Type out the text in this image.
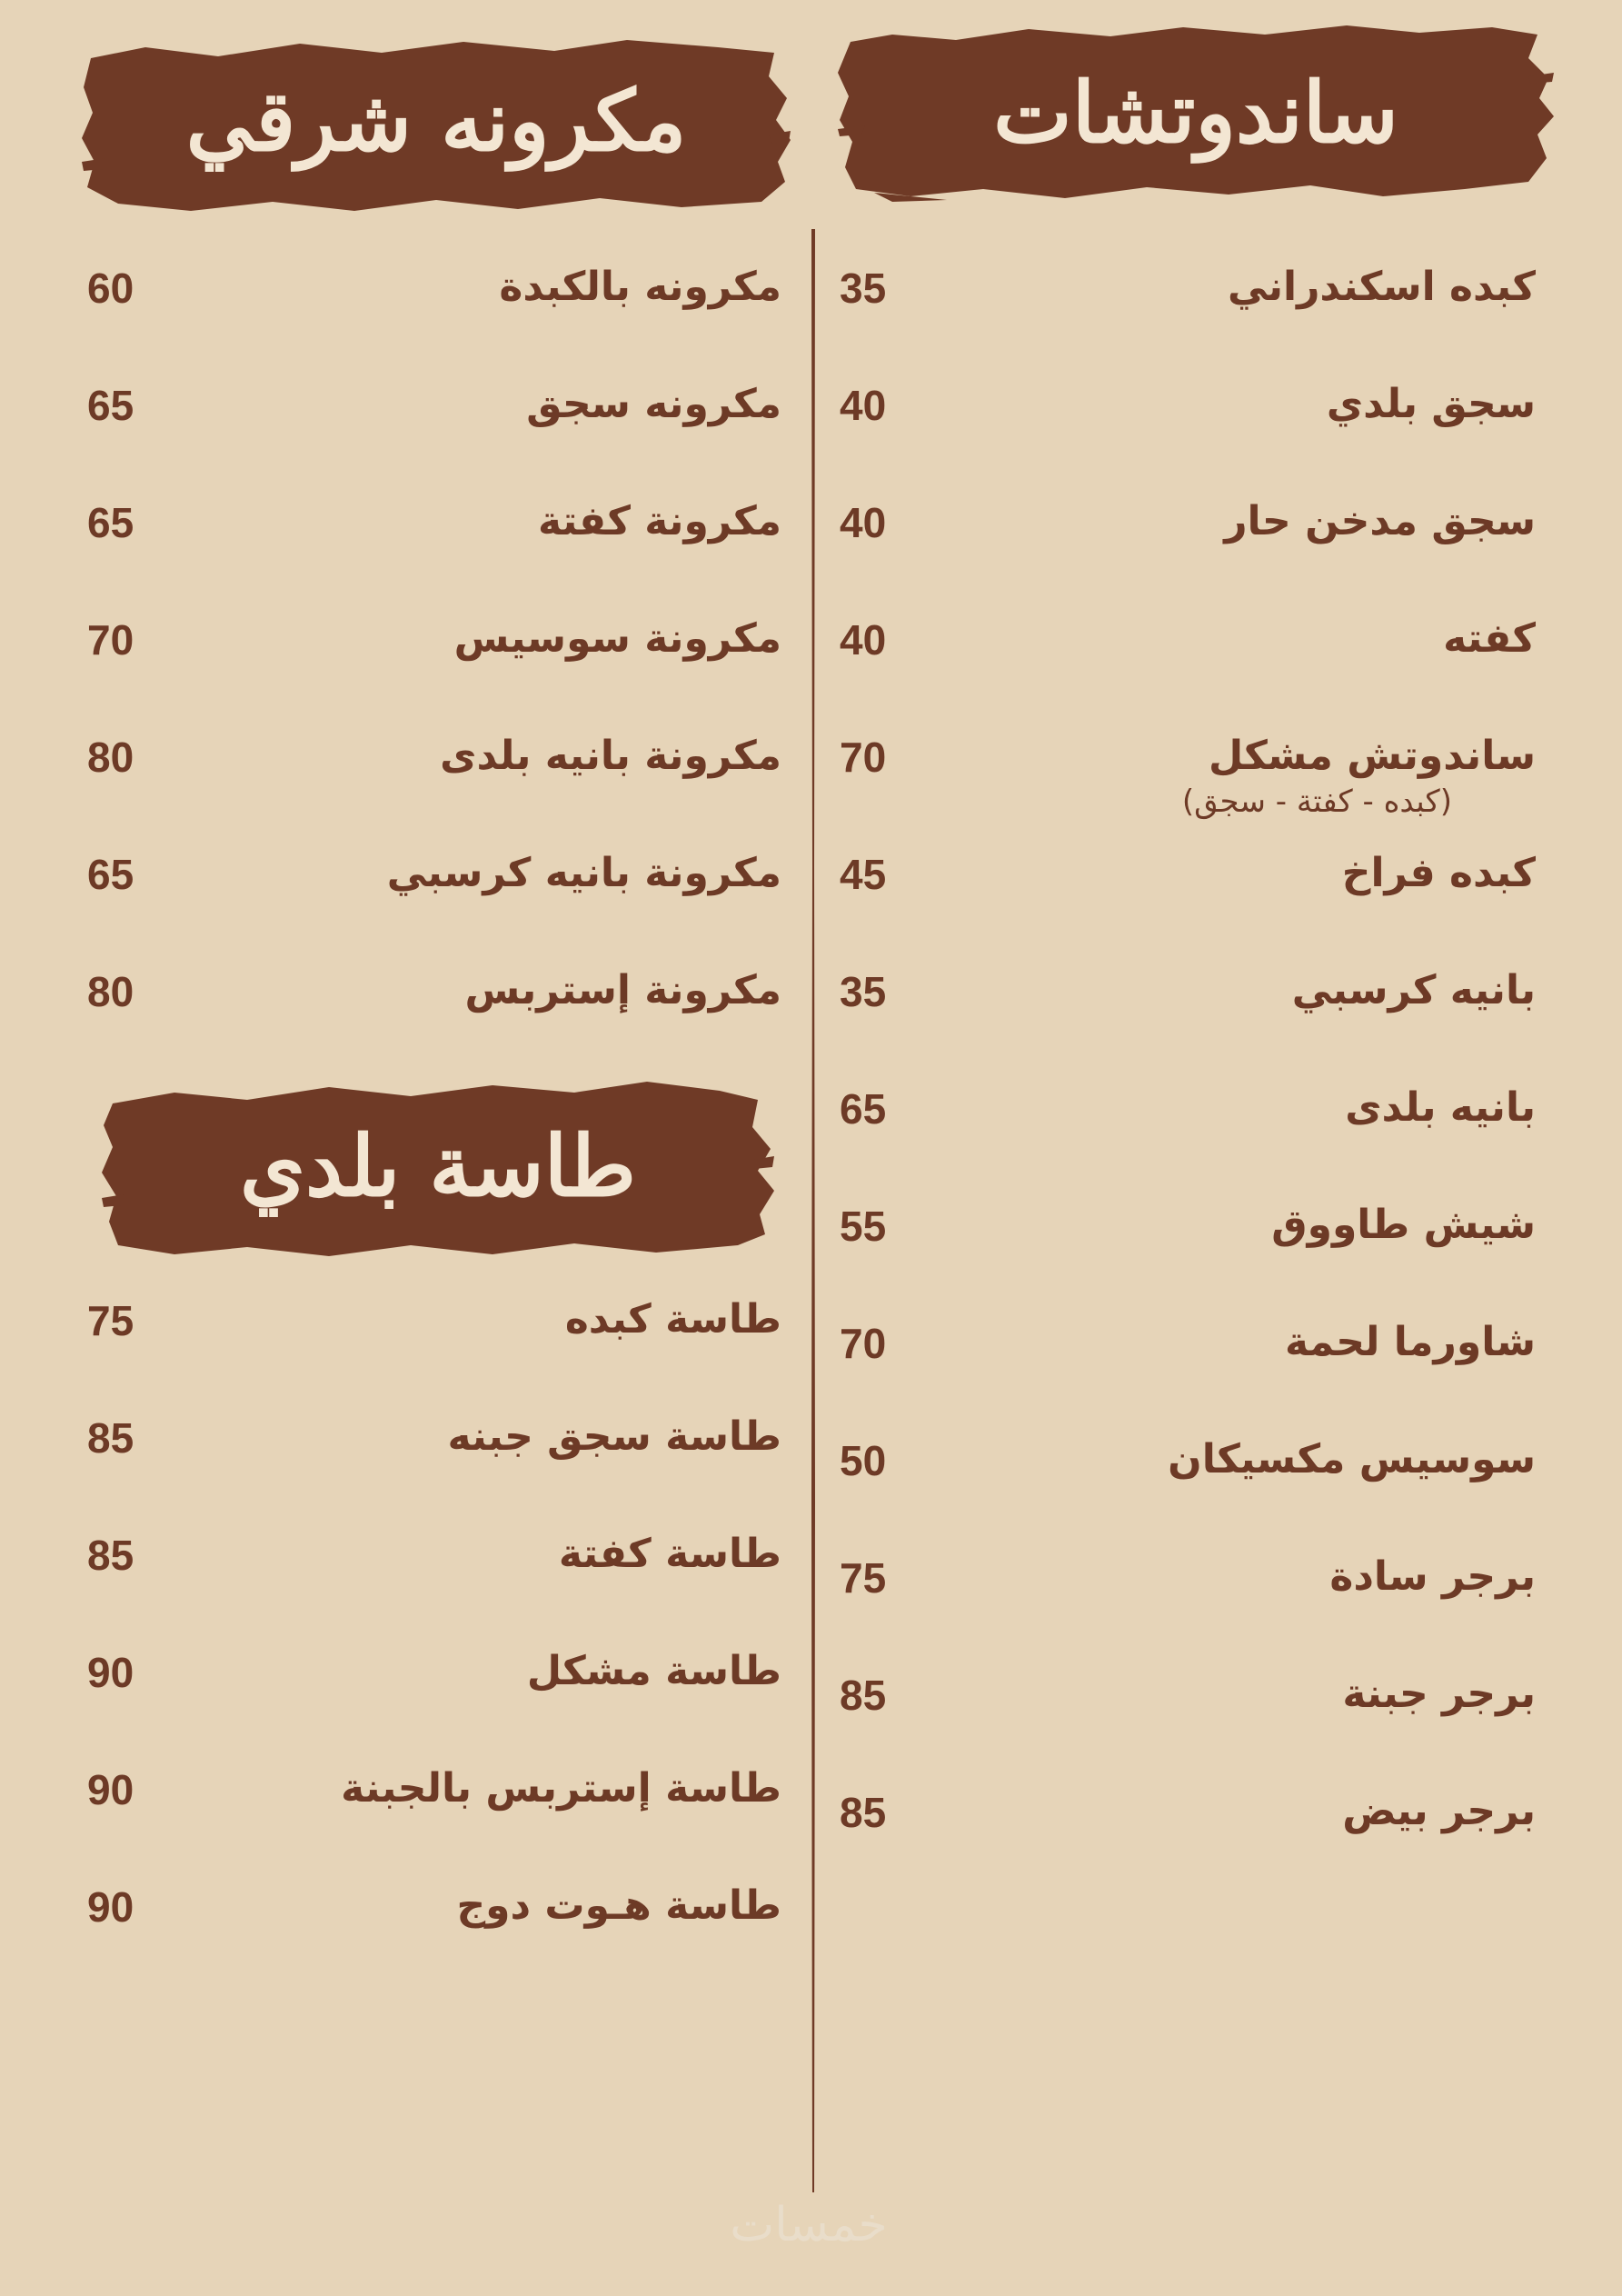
ساندوتشات
مكرونه شرقي
طاسة بلدي
كبده اسكندراني
35
سجق بلدي
40
سجق مدخن حار
40
كفته
40
ساندوتش مشكل
70
(كبده - كفتة - سجق)
كبده فراخ
45
بانيه كرسبي
35
بانيه بلدى
65
شيش طاووق
55
شاورما لحمة
70
سوسيس مكسيكان
50
برجر سادة
75
برجر جبنة
85
برجر بيض
85
مكرونه بالكبدة
60
مكرونه سجق
65
مكرونة كفتة
65
مكرونة سوسيس
70
مكرونة بانيه بلدى
80
مكرونة بانيه كرسبي
65
مكرونة إستربس
80
طاسة كبده
75
طاسة سجق جبنه
85
طاسة كفتة
85
طاسة مشكل
90
طاسة إستربس بالجبنة
90
طاسة هـوت دوج
90
خمسات
